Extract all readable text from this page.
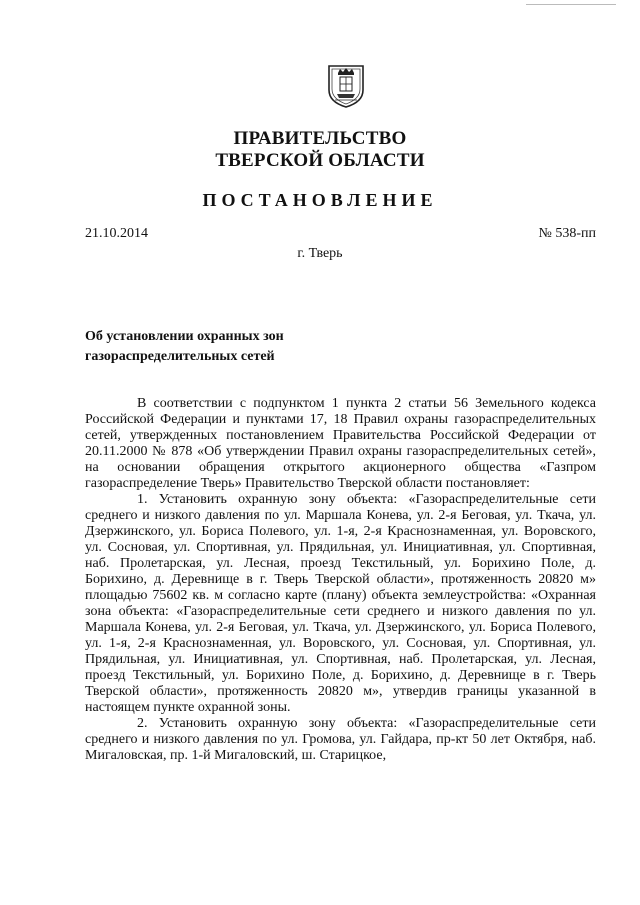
ПРАВИТЕЛЬСТВО
ТВЕРСКОЙ ОБЛАСТИ
ПОСТАНОВЛЕНИЕ
21.10.2014	№ 538-пп
г. Тверь
Об установлении охранных зон
газораспределительных сетей

В соответствии с подпунктом 1 пункта 2 статьи 56 Земельного кодекса Российской Федерации и пунктами 17, 18 Правил охраны газораспределительных сетей, утвержденных постановлением Правительства Российской Федерации от 20.11.2000 № 878 «Об утверждении Правил охраны газораспределительных сетей», на основании обращения открытого акционерного общества «Газпром газораспределение Тверь» Правительство Тверской области постановляет:

1. Установить охранную зону объекта: «Газораспределительные сети среднего и низкого давления по ул. Маршала Конева, ул. 2-я Беговая, ул. Ткача, ул. Дзержинского, ул. Бориса Полевого, ул. 1-я, 2-я Краснознаменная, ул. Воровского, ул. Сосновая, ул. Спортивная, ул. Прядильная, ул. Инициативная, ул. Спортивная, наб. Пролетарская, ул. Лесная, проезд Текстильный, ул. Борихино Поле, д. Борихино, д. Деревнище в г. Тверь Тверской области», протяженность 20820 м» площадью 75602 кв. м согласно карте (плану) объекта землеустройства: «Охранная зона объекта: «Газораспределительные сети среднего и низкого давления по ул. Маршала Конева, ул. 2-я Беговая, ул. Ткача, ул. Дзержинского, ул. Бориса Полевого, ул. 1-я, 2-я Краснознаменная, ул. Воровского, ул. Сосновая, ул. Спортивная, ул. Прядильная, ул. Инициативная, ул. Спортивная, наб. Пролетарская, ул. Лесная, проезд Текстильный, ул. Борихино Поле, д. Борихино, д. Деревнище в г. Тверь Тверской области», протяженность 20820 м», утвердив границы указанной в настоящем пункте охранной зоны.

2. Установить охранную зону объекта: «Газораспределительные сети среднего и низкого давления по ул. Громова, ул. Гайдара, пр-кт 50 лет Октября, наб. Мигаловская, пр. 1-й Мигаловский, ш. Старицкое,
